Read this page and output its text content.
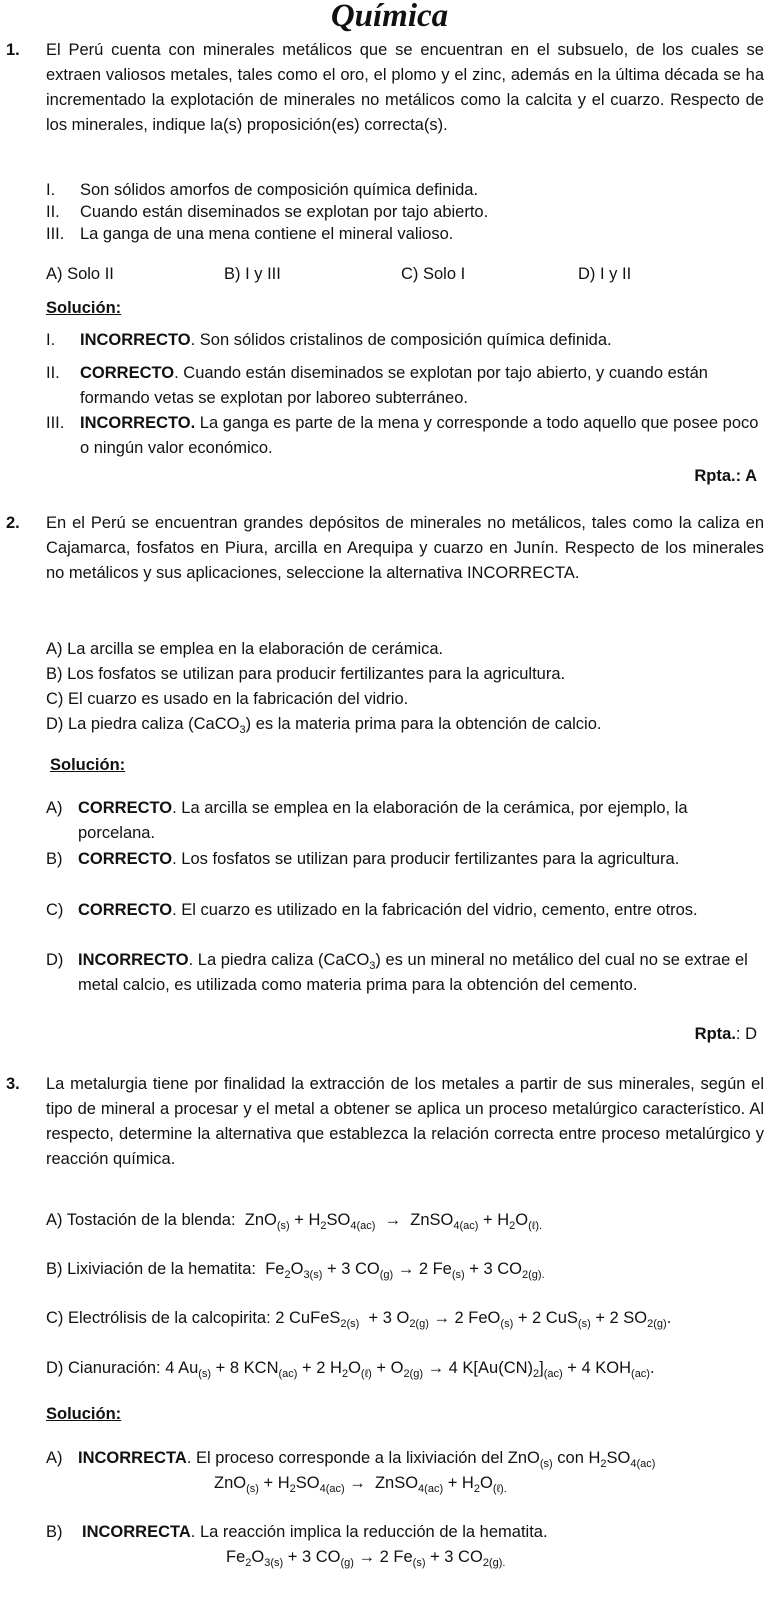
Química
1. El Perú cuenta con minerales metálicos que se encuentran en el subsuelo, de los cuales se extraen valiosos metales, tales como el oro, el plomo y el zinc, además en la última década se ha incrementado la explotación de minerales no metálicos como la calcita y el cuarzo. Respecto de los minerales, indique la(s) proposición(es) correcta(s).
I. Son sólidos amorfos de composición química definida.
II. Cuando están diseminados se explotan por tajo abierto.
III. La ganga de una mena contiene el mineral valioso.
A) Solo II	B) I y III	C) Solo I	D) I y II
Solución:
I. INCORRECTO. Son sólidos cristalinos de composición química definida.
II. CORRECTO. Cuando están diseminados se explotan por tajo abierto, y cuando están formando vetas se explotan por laboreo subterráneo.
III. INCORRECTO. La ganga es parte de la mena y corresponde a todo aquello que posee poco o ningún valor económico.
Rpta.: A
2. En el Perú se encuentran grandes depósitos de minerales no metálicos, tales como la caliza en Cajamarca, fosfatos en Piura, arcilla en Arequipa y cuarzo en Junín. Respecto de los minerales no metálicos y sus aplicaciones, seleccione la alternativa INCORRECTA.
A) La arcilla se emplea en la elaboración de cerámica.
B) Los fosfatos se utilizan para producir fertilizantes para la agricultura.
C) El cuarzo es usado en la fabricación del vidrio.
D) La piedra caliza (CaCO$_3$) es la materia prima para la obtención de calcio.
Solución:
A) CORRECTO. La arcilla se emplea en la elaboración de la cerámica, por ejemplo, la porcelana.
B) CORRECTO. Los fosfatos se utilizan para producir fertilizantes para la agricultura.
C) CORRECTO. El cuarzo es utilizado en la fabricación del vidrio, cemento, entre otros.
D) INCORRECTO. La piedra caliza (CaCO$_3$) es un mineral no metálico del cual no se extrae el metal calcio, es utilizada como materia prima para la obtención del cemento.
Rpta.: D
3. La metalurgia tiene por finalidad la extracción de los metales a partir de sus minerales, según el tipo de mineral a procesar y el metal a obtener se aplica un proceso metalúrgico característico. Al respecto, determine la alternativa que establezca la relación correcta entre proceso metalúrgico y reacción química.
A) Tostación de la blenda:  $ZnO_{(s)} + H_2SO_{4(ac)}$  →  ZnSO$_{4(ac)}$ + $H_2O_{(\ell).}$
B) Lixiviación de la hematita:  $Fe_2O_{3(s)} + 3$ $CO_{(g)} \to 2$ $Fe_{(s)} + 3$ $CO_{2(g).}$
C) Electrólisis de la calcopirita: 2 CuFeS$_{2(s)}$  + 3 $O_{2(g)} \to 2$ FeO$_{(s)}$ + 2 CuS$_{(s)}$ + 2 $SO_{2(g)}$.
D) Cianuración: 4 $Au_{(s)} + 8$ $KCN_{(ac)} + 2$ $H_2O_{(\ell)} + O_{2(g)} \to 4$ $K[Au(CN)_2]_{(ac)} + 4$ $KOH_{(ac)}$.
Solución:
A) INCORRECTA. El proceso corresponde a la lixiviación del ZnO$_{(s)}$ con $H_2SO_{4(ac)}$
$ZnO_{(s)} + H_2SO_{4(ac)}$ →  ZnSO$_{4(ac)}$ + $H_2O_{(\ell).}$
B) INCORRECTA. La reacción implica la reducción de la hematita.
$Fe_2O_{3(s)} + 3$ $CO_{(g)} \to 2$ $Fe_{(s)} + 3$ $CO_{2(g).}$
